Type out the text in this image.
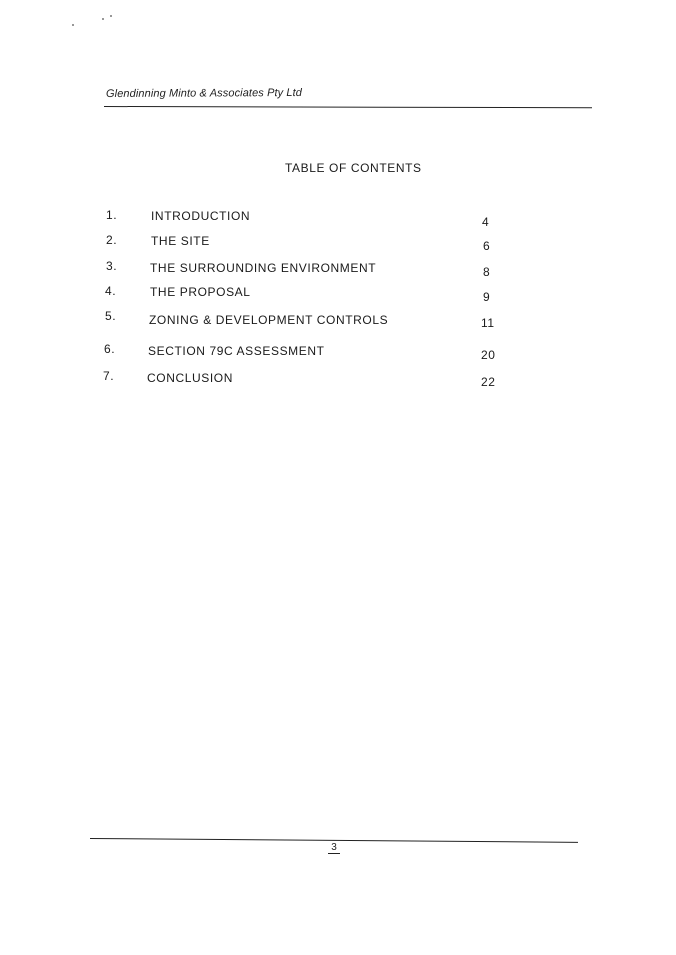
Glendinning Minto & Associates Pty Ltd
TABLE OF CONTENTS
1.	INTRODUCTION	4
2.	THE SITE	6
3.	THE SURROUNDING ENVIRONMENT	8
4.	THE PROPOSAL	9
5.	ZONING & DEVELOPMENT CONTROLS	11
6.	SECTION 79C ASSESSMENT	20
7.	CONCLUSION	22
3
